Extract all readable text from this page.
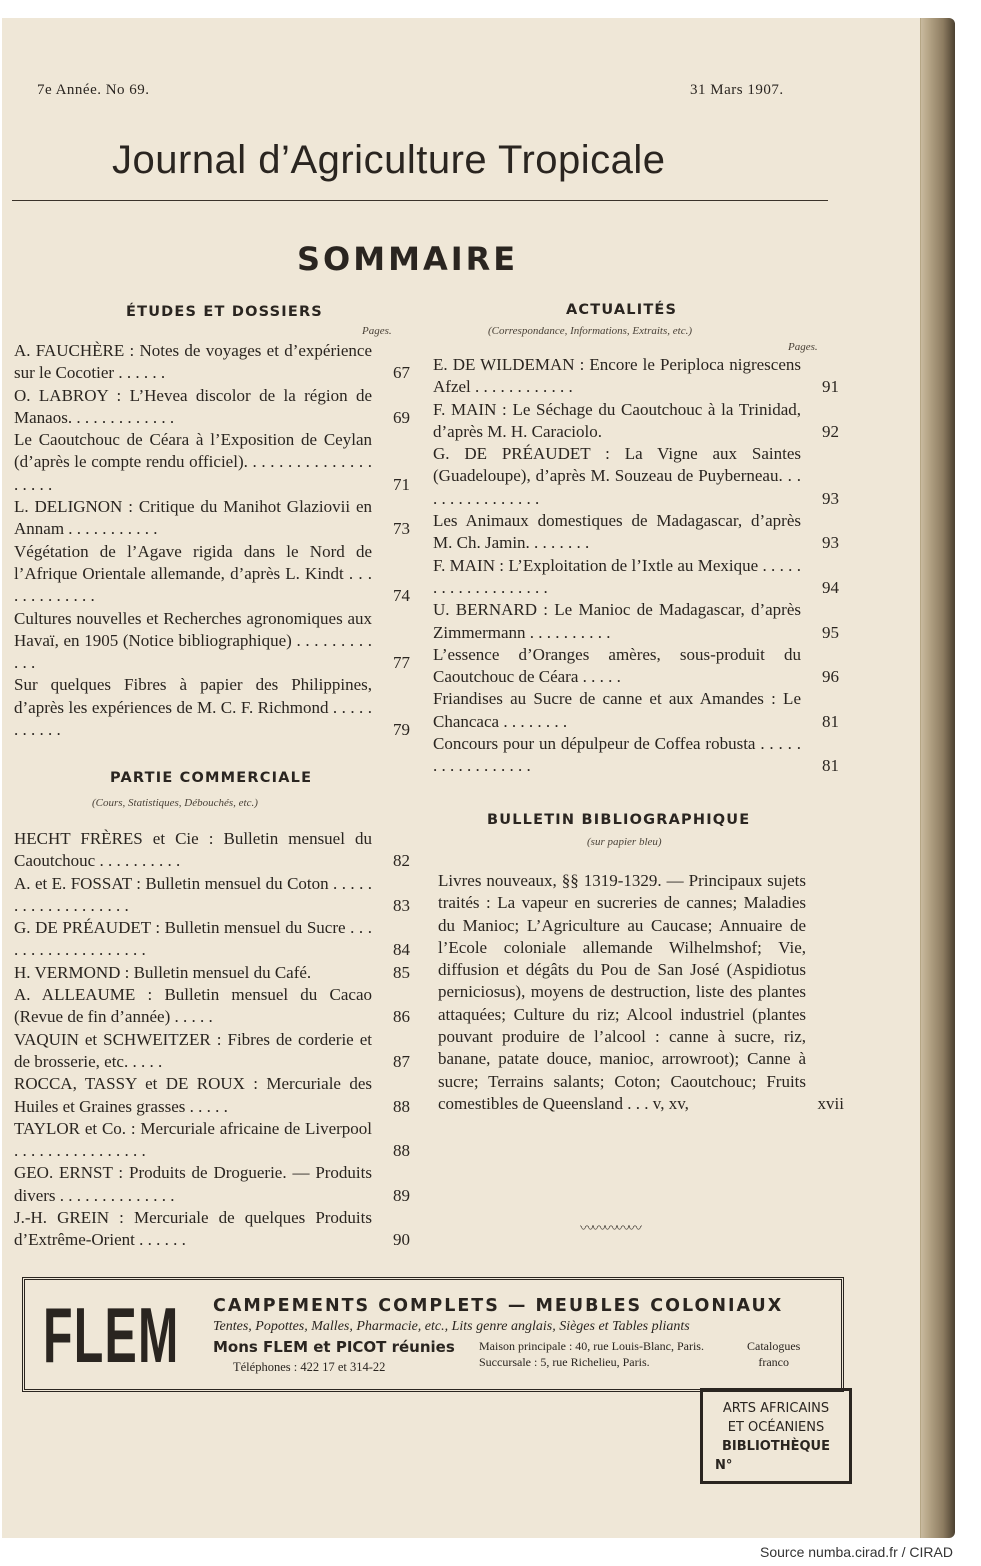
7e Année. No 69.	31 Mars 1907.
Journal d’Agriculture Tropicale
SOMMAIRE
ÉTUDES ET DOSSIERS
Pages.
A. FAUCHÈRE : Notes de voyages et d’expérience sur le Cocotier . . . . . .	67
O. LABROY : L’Hevea discolor de la région de Manaos. . . . . . . . . . . . .	69
Le Caoutchouc de Céara à l’Exposition de Ceylan (d’après le compte rendu officiel). . . . . . . . . . . . . . . . . . . .	71
L. DELIGNON : Critique du Manihot Glaziovii en Annam . . . . . . . . . . .	73
Végétation de l’Agave rigida dans le Nord de l’Afrique Orientale allemande, d’après L. Kindt . . . . . . . . . . . . .	74
Cultures nouvelles et Recherches agronomiques aux Havaï, en 1905 (Notice bibliographique) . . . . . . . . . . . .	77
Sur quelques Fibres à papier des Philippines, d’après les expériences de M. C. F. Richmond . . . . . . . . . . .	79
PARTIE COMMERCIALE
(Cours, Statistiques, Débouchés, etc.)
HECHT FRÈRES et Cie : Bulletin mensuel du Caoutchouc . . . . . . . . . .	82
A. et E. FOSSAT : Bulletin mensuel du Coton . . . . . . . . . . . . . . . . . . .	83
G. DE PRÉAUDET : Bulletin mensuel du Sucre . . . . . . . . . . . . . . . . . . .	84
H. VERMOND : Bulletin mensuel du Café.	85
A. ALLEAUME : Bulletin mensuel du Cacao (Revue de fin d’année) . . . . .	86
VAQUIN et SCHWEITZER : Fibres de corderie et de brosserie, etc. . . . .	87
ROCCA, TASSY et DE ROUX : Mercuriale des Huiles et Graines grasses . . . . .	88
TAYLOR et Co. : Mercuriale africaine de Liverpool . . . . . . . . . . . . . . . .	88
GEO. ERNST : Produits de Droguerie. — Produits divers . . . . . . . . . . . . . .	89
J.-H. GREIN : Mercuriale de quelques Produits d’Extrême-Orient . . . . . .	90
ACTUALITÉS
(Correspondance, Informations, Extraits, etc.)
Pages.
E. DE WILDEMAN : Encore le Periploca nigrescens Afzel . . . . . . . . . . . .	91
F. MAIN : Le Séchage du Caoutchouc à la Trinidad, d’après M. H. Caraciolo.	92
G. DE PRÉAUDET : La Vigne aux Saintes (Guadeloupe), d’après M. Souzeau de Puyberneau. . . . . . . . . . . . . . . .	93
Les Animaux domestiques de Madagascar, d’après M. Ch. Jamin. . . . . . . .	93
F. MAIN : L’Exploitation de l’Ixtle au Mexique . . . . . . . . . . . . . . . . . . .	94
U. BERNARD : Le Manioc de Madagascar, d’après Zimmermann . . . . . . . . . .	95
L’essence d’Oranges amères, sous-produit du Caoutchouc de Céara . . . . .	96
Friandises au Sucre de canne et aux Amandes : Le Chancaca . . . . . . . .	81
Concours pour un dépulpeur de Coffea robusta . . . . . . . . . . . . . . . . .	81
BULLETIN BIBLIOGRAPHIQUE
(sur papier bleu)
Livres nouveaux, §§ 1319-1329. — Principaux sujets traités : La vapeur en sucreries de cannes; Maladies du Manioc; L’Agriculture au Caucase; Annuaire de l’Ecole coloniale allemande Wilhelmshof; Vie, diffusion et dégâts du Pou de San José (Aspidiotus perniciosus), moyens de destruction, liste des plantes attaquées; Culture du riz; Alcool industriel (plantes pouvant produire de l’alcool : canne à sucre, riz, banane, patate douce, manioc, arrowroot); Canne à sucre; Terrains salants; Coton; Caoutchouc; Fruits comestibles de Queensland . . . v, xv,	xvii
〰〰〰〰〰
FLEM CAMPEMENTS COMPLETS — MEUBLES COLONIAUX
Tentes, Popottes, Malles, Pharmacie, etc., Lits genre anglais, Sièges et Tables pliants
Mons FLEM et PICOT réunies
Téléphones : 422 17 et 314-22
Maison principale : 40, rue Louis-Blanc, Paris.
Succursale : 5, rue Richelieu, Paris.
Catalogues
franco
ARTS AFRICAINS
ET OCÉANIENS
BIBLIOTHÈQUE
N°
Source numba.cirad.fr / CIRAD
